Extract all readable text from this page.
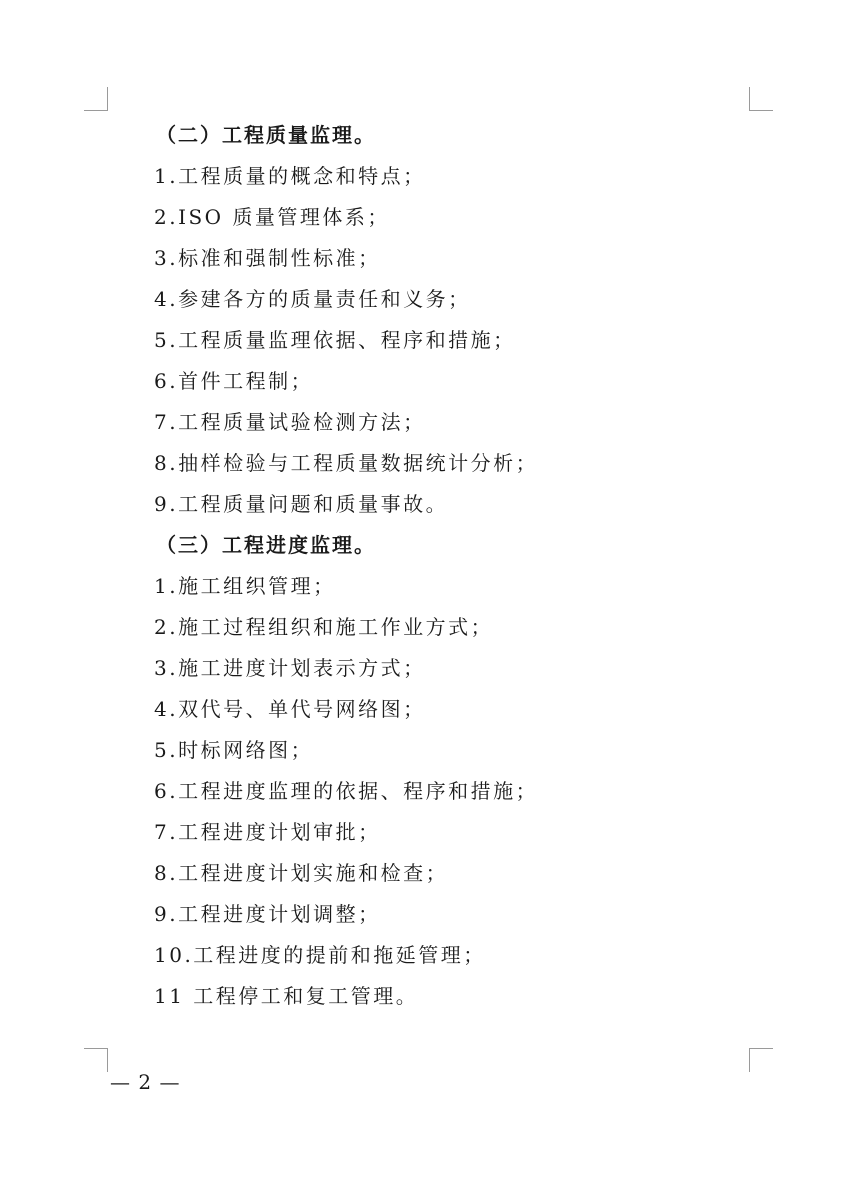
（二）工程质量监理。
1.工程质量的概念和特点；
2.ISO 质量管理体系；
3.标准和强制性标准；
4.参建各方的质量责任和义务；
5.工程质量监理依据、程序和措施；
6.首件工程制；
7.工程质量试验检测方法；
8.抽样检验与工程质量数据统计分析；
9.工程质量问题和质量事故。
（三）工程进度监理。
1.施工组织管理；
2.施工过程组织和施工作业方式；
3.施工进度计划表示方式；
4.双代号、单代号网络图；
5.时标网络图；
6.工程进度监理的依据、程序和措施；
7.工程进度计划审批；
8.工程进度计划实施和检查；
9.工程进度计划调整；
10.工程进度的提前和拖延管理；
11 工程停工和复工管理。
— 2 —
